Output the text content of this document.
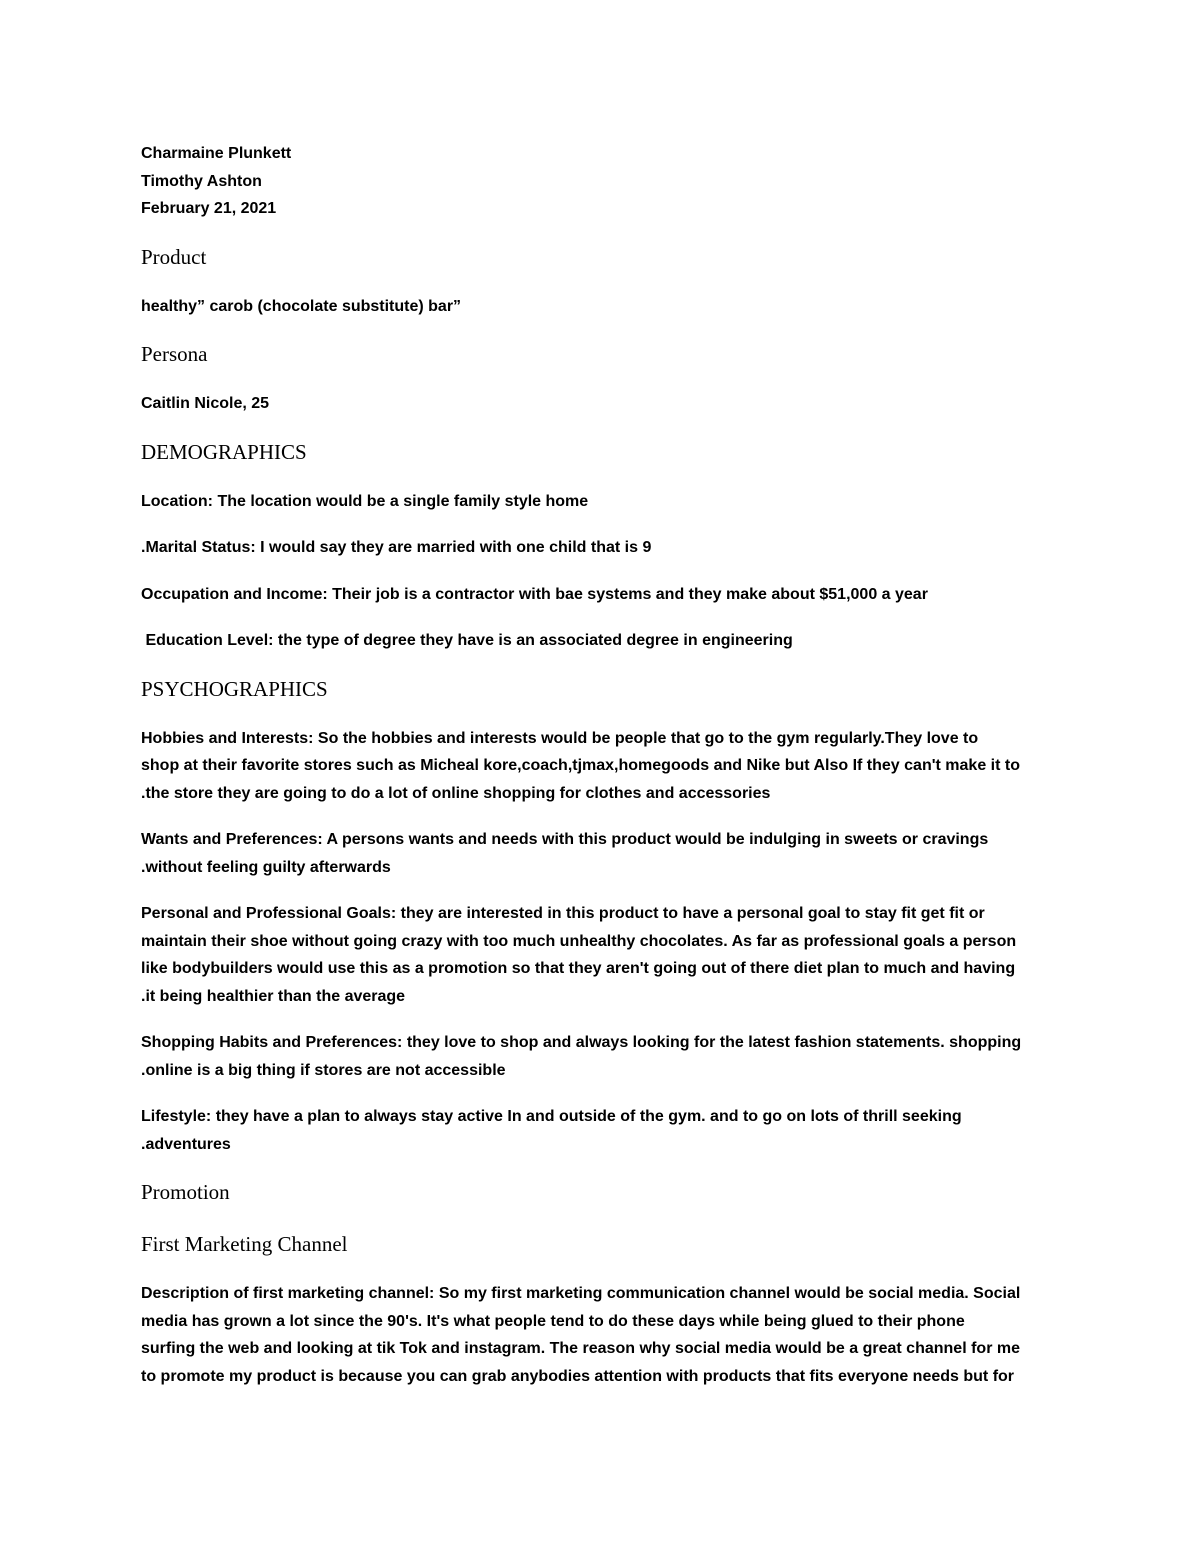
Charmaine Plunkett

Timothy Ashton

February 21, 2021

Product

healthy” carob (chocolate substitute) bar”

Persona

Caitlin Nicole, 25

DEMOGRAPHICS

Location: The location would be a single family style home

.Marital Status: I would say they are married with one child that is 9

Occupation and Income: Their job is a contractor with bae systems and they make about $51,000 a year

Education Level: the type of degree they have is an associated degree in engineering

PSYCHOGRAPHICS

Hobbies and Interests: So the hobbies and interests would be people that go to the gym regularly.They love to

shop at their favorite stores such as Micheal kore,coach,tjmax,homegoods and Nike but Also If they can't make it to

.the store they are going to do a lot of online shopping for clothes and accessories

Wants and Preferences: A persons wants and needs with this product would be indulging in sweets or cravings

.without feeling guilty afterwards

Personal and Professional Goals: they are interested in this product to have a personal goal to stay fit get fit or

maintain their shoe without going crazy with too much unhealthy chocolates. As far as professional goals a person

like bodybuilders would use this as a promotion so that they aren't going out of there diet plan to much and having

.it being healthier than the average

Shopping Habits and Preferences: they love to shop and always looking for the latest fashion statements. shopping

.online is a big thing if stores are not accessible

Lifestyle: they have a plan to always stay active In and outside of the gym. and to go on lots of thrill seeking

.adventures

Promotion
First Marketing Channel

Description of first marketing channel: So my first marketing communication channel would be social media. Social

media has grown a lot since the 90's. It's what people tend to do these days while being glued to their phone

surfing the web and looking at tik Tok and instagram. The reason why social media would be a great channel for me

to promote my product is because you can grab anybodies attention with products that fits everyone needs but for
